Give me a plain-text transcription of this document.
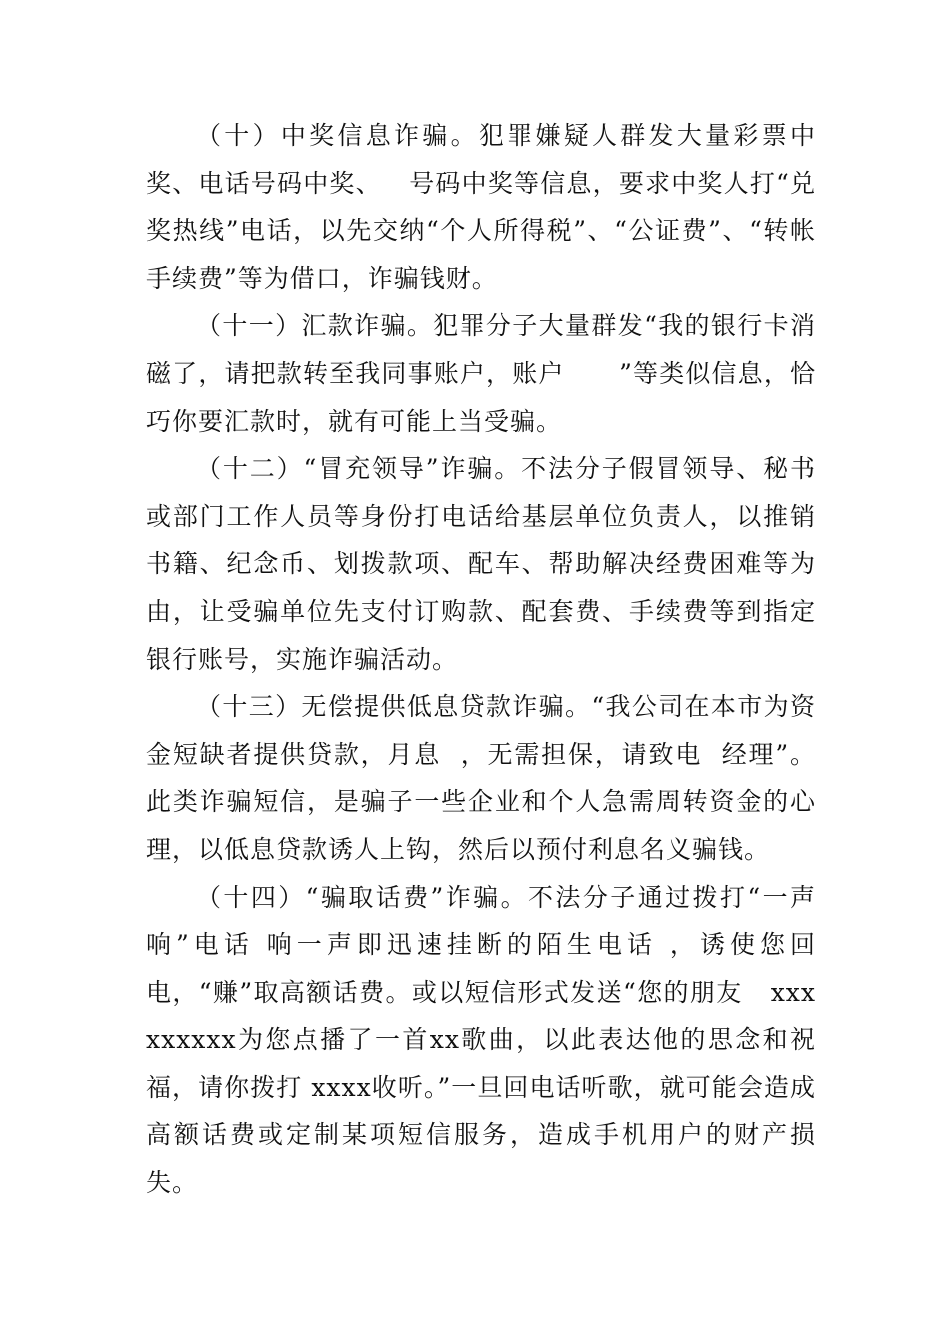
（十）中奖信息诈骗。犯罪嫌疑人群发大量彩票中奖、电话号码中奖、   号码中奖等信息，要求中奖人打“兑奖热线”电话，以先交纳“个人所得税”、“公证费”、“转帐手续费”等为借口，诈骗钱财。

（十一）汇款诈骗。犯罪分子大量群发“我的银行卡消磁了，请把款转至我同事账户，账户      ”等类似信息，恰巧你要汇款时，就有可能上当受骗。

（十二）“冒充领导”诈骗。不法分子假冒领导、秘书或部门工作人员等身份打电话给基层单位负责人，以推销书籍、纪念币、划拨款项、配车、帮助解决经费困难等为由，让受骗单位先支付订购款、配套费、手续费等到指定银行账号，实施诈骗活动。

（十三）无偿提供低息贷款诈骗。“我公司在本市为资金短缺者提供贷款，月息  ，无需担保，请致电  经理”。此类诈骗短信，是骗子一些企业和个人急需周转资金的心理，以低息贷款诱人上钩，然后以预付利息名义骗钱。

（十四）“骗取话费”诈骗。不法分子通过拨打“一声响”电话 响一声即迅速挂断的陌生电话 ，诱使您回电，“赚”取高额话费。或以短信形式发送“您的朋友   xxxxxxxxx为您点播了一首xx歌曲，以此表达他的思念和祝福，请你拨打 xxxx收听。”一旦回电话听歌，就可能会造成高额话费或定制某项短信服务，造成手机用户的财产损失。
